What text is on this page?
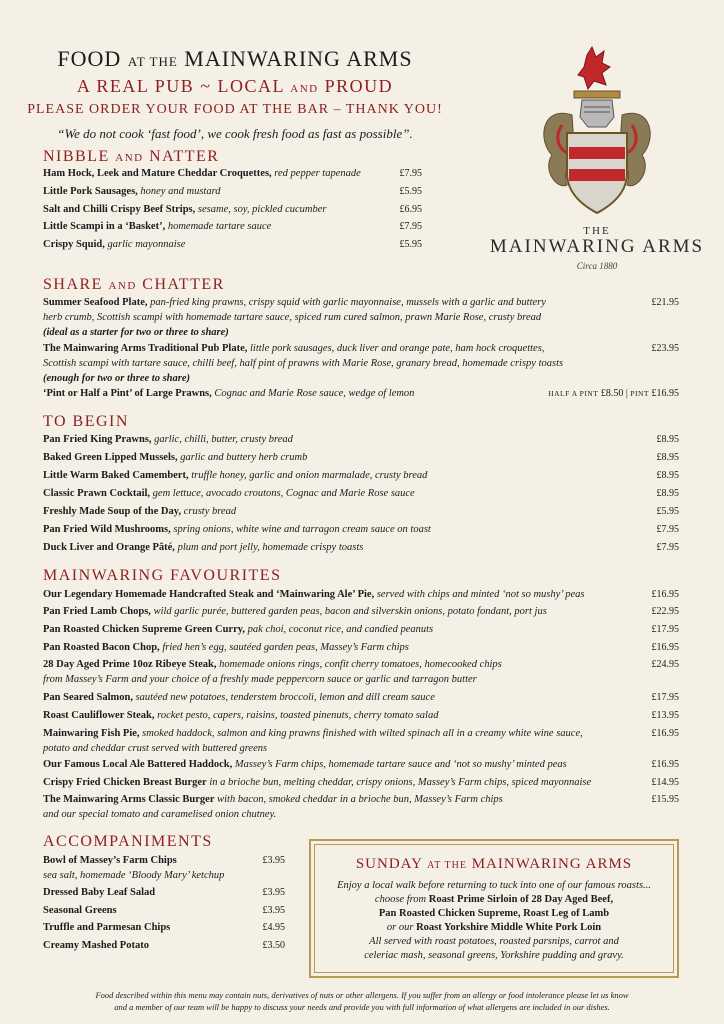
FOOD AT THE MAINWARING ARMS
A REAL PUB ~ LOCAL AND PROUD
PLEASE ORDER YOUR FOOD AT THE BAR – THANK YOU!
“We do not cook ‘fast food’, we cook fresh food as fast as possible”.
THE
MAINWARING ARMS
Circa 1880
NIBBLE AND NATTER
Ham Hock, Leek and Mature Cheddar Croquettes, red pepper tapenade	£7.95
Little Pork Sausages, honey and mustard	£5.95
Salt and Chilli Crispy Beef Strips, sesame, soy, pickled cucumber	£6.95
Little Scampi in a ‘Basket’, homemade tartare sauce	£7.95
Crispy Squid, garlic mayonnaise	£5.95
SHARE AND CHATTER
Summer Seafood Plate, pan-fried king prawns, crispy squid with garlic mayonnaise, mussels with a garlic and buttery
herb crumb, Scottish scampi with homemade tartare sauce, spiced rum cured salmon, prawn Marie Rose, crusty bread
(ideal as a starter for two or three to share)
£21.95
The Mainwaring Arms Traditional Pub Plate, little pork sausages, duck liver and orange pate, ham hock croquettes,
Scottish scampi with tartare sauce, chilli beef, half pint of prawns with Marie Rose, granary bread, homemade crispy toasts
(enough for two or three to share)
£23.95
‘Pint or Half a Pint’ of Large Prawns, Cognac and Marie Rose sauce, wedge of lemon	HALF A PINT £8.50 | PINT £16.95
TO BEGIN
Pan Fried King Prawns, garlic, chilli, butter, crusty bread	£8.95
Baked Green Lipped Mussels, garlic and buttery herb crumb	£8.95
Little Warm Baked Camembert, truffle honey, garlic and onion marmalade, crusty bread	£8.95
Classic Prawn Cocktail, gem lettuce, avocado croutons, Cognac and Marie Rose sauce	£8.95
Freshly Made Soup of the Day, crusty bread	£5.95
Pan Fried Wild Mushrooms, spring onions, white wine and tarragon cream sauce on toast	£7.95
Duck Liver and Orange Pâté, plum and port jelly, homemade crispy toasts	£7.95
MAINWARING FAVOURITES
Our Legendary Homemade Handcrafted Steak and ‘Mainwaring Ale’ Pie, served with chips and minted ‘not so mushy’ peas	£16.95
Pan Fried Lamb Chops, wild garlic purée, buttered garden peas, bacon and silverskin onions, potato fondant, port jus	£22.95
Pan Roasted Chicken Supreme Green Curry, pak choi, coconut rice, and candied peanuts	£17.95
Pan Roasted Bacon Chop, fried hen’s egg, sautéed garden peas, Massey’s Farm chips	£16.95
28 Day Aged Prime 10oz Ribeye Steak, homemade onions rings, confit cherry tomatoes, homecooked chips
from Massey’s Farm and your choice of a freshly made peppercorn sauce or garlic and tarragon butter
£24.95
Pan Seared Salmon, sautéed new potatoes, tenderstem broccoli, lemon and dill cream sauce	£17.95
Roast Cauliflower Steak, rocket pesto, capers, raisins, toasted pinenuts, cherry tomato salad	£13.95
Mainwaring Fish Pie, smoked haddock, salmon and king prawns finished with wilted spinach all in a creamy white wine sauce,
potato and cheddar crust served with buttered greens
£16.95
Our Famous Local Ale Battered Haddock, Massey’s Farm chips, homemade tartare sauce and ‘not so mushy’ minted peas	£16.95
Crispy Fried Chicken Breast Burger in a brioche bun, melting cheddar, crispy onions, Massey’s Farm chips, spiced mayonnaise	£14.95
The Mainwaring Arms Classic Burger with bacon, smoked cheddar in a brioche bun, Massey’s Farm chips
and our special tomato and caramelised onion chutney.
£15.95
ACCOMPANIMENTS
Bowl of Massey’s Farm Chips
sea salt, homemade ‘Bloody Mary’ ketchup
£3.95
Dressed Baby Leaf Salad	£3.95
Seasonal Greens	£3.95
Truffle and Parmesan Chips	£4.95
Creamy Mashed Potato	£3.50
SUNDAY AT THE MAINWARING ARMS
Enjoy a local walk before returning to tuck into one of our famous roasts...
choose from Roast Prime Sirloin of 28 Day Aged Beef,
Pan Roasted Chicken Supreme, Roast Leg of Lamb
or our Roast Yorkshire Middle White Pork Loin
All served with roast potatoes, roasted parsnips, carrot and
celeriac mash, seasonal greens, Yorkshire pudding and gravy.
Food described within this menu may contain nuts, derivatives of nuts or other allergens. If you suffer from an allergy or food intolerance please let us know
and a member of our team will be happy to discuss your needs and provide you with full information of what allergens are included in our dishes.
